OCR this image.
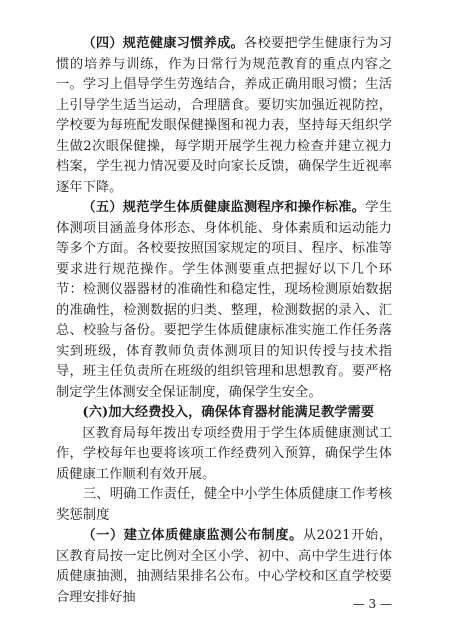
（四）规范健康习惯养成。各校要把学生健康行为习惯的培养与训练，作为日常行为规范教育的重点内容之一。学习上倡导学生劳逸结合，养成正确用眼习惯；生活上引导学生适当运动，合理膳食。要切实加强近视防控，学校要为每班配发眼保健操图和视力表，坚持每天组织学生做2次眼保健操，每学期开展学生视力检查并建立视力档案，学生视力情况要及时向家长反馈，确保学生近视率逐年下降。

（五）规范学生体质健康监测程序和操作标准。学生体测项目涵盖身体形态、身体机能、身体素质和运动能力等多个方面。各校要按照国家规定的项目、程序、标准等要求进行规范操作。学生体测要重点把握好以下几个环节：检测仪器器材的准确性和稳定性，现场检测原始数据的准确性，检测数据的归类、整理，检测数据的录入、汇总、校验与备份。要把学生体质健康标准实施工作任务落实到班级，体育教师负责体测项目的知识传授与技术指导，班主任负责所在班级的组织管理和思想教育。要严格制定学生体测安全保证制度，确保学生安全。

(六)加大经费投入，确保体育器材能满足教学需要

区教育局每年拨出专项经费用于学生体质健康测试工作，学校每年也要将该项工作经费列入预算，确保学生体质健康工作顺利有效开展。

三、明确工作责任，健全中小学生体质健康工作考核奖惩制度

（一）建立体质健康监测公布制度。从2021开始，区教育局按一定比例对全区小学、初中、高中学生进行体质健康抽测，抽测结果排名公布。中心学校和区直学校要合理安排好抽	— 3 —
